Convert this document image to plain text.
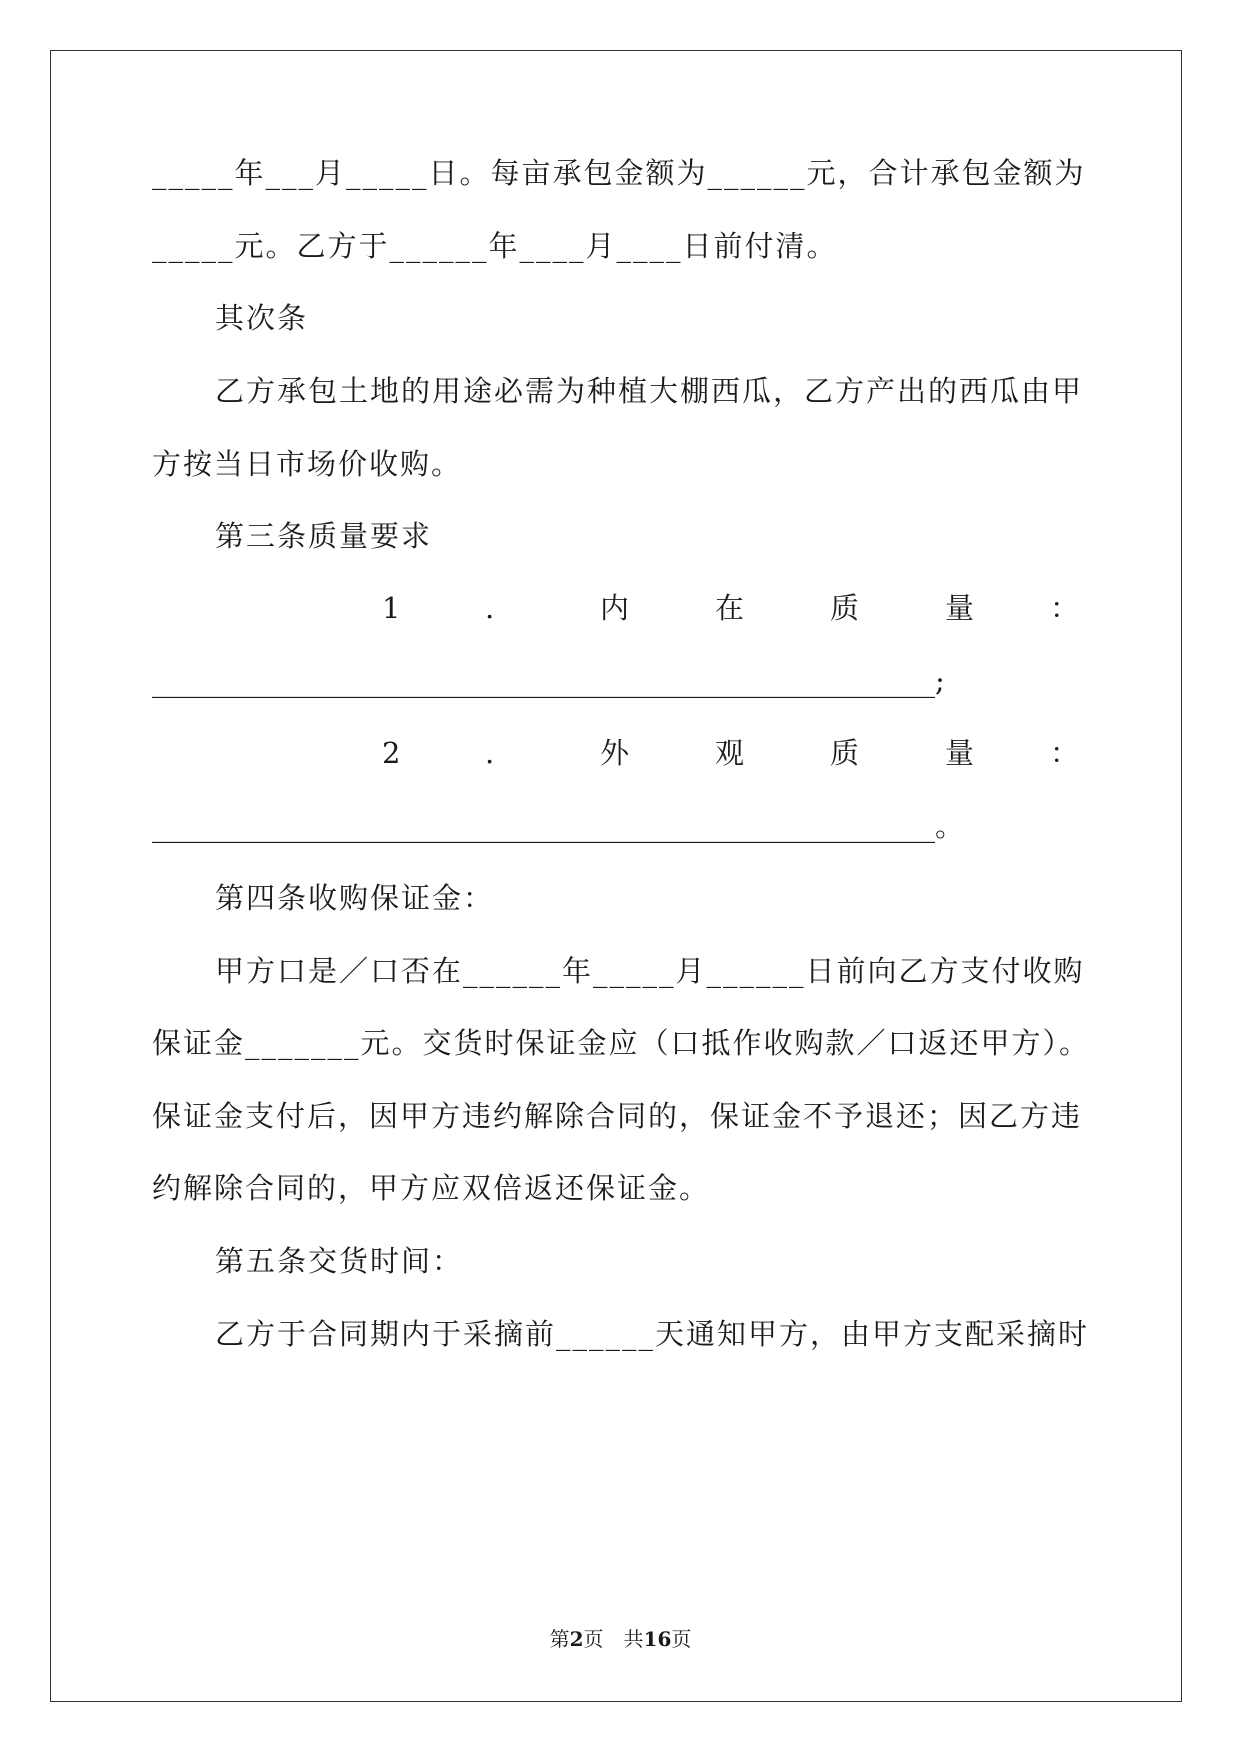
_____年___月_____日。每亩承包金额为______元，合计承包金额为
_____元。乙方于______年____月____日前付清。
其次条
乙方承包土地的用途必需为种植大棚西瓜，乙方产出的西瓜由甲
方按当日市场价收购。
第三条质量要求
1	.	内	在	质	量	：
______________________________________________________;
2	.	外	观	质	量	：
______________________________________________________。
第四条收购保证金：
甲方口是／口否在______年_____月______日前向乙方支付收购
保证金_______元。交货时保证金应（口抵作收购款／口返还甲方）。
保证金支付后，因甲方违约解除合同的，保证金不予退还；因乙方违
约解除合同的，甲方应双倍返还保证金。
第五条交货时间：
乙方于合同期内于采摘前______天通知甲方，由甲方支配采摘时
第2页　共16页
